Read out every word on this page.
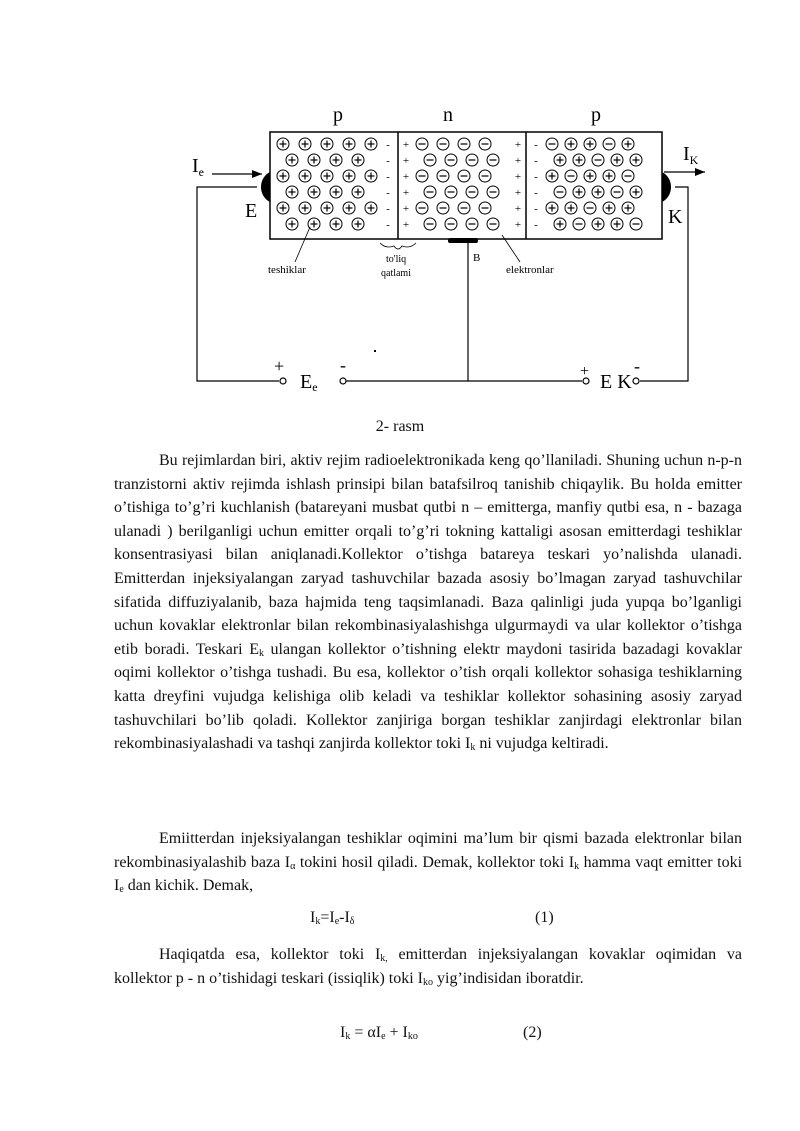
p	n	p
-
-
-
-
-
-
+
+
+
+
+
+
+
+
+
+
+
+
-
-
-
-
-
-
$I_e$
$I_K$
E	K
teshiklar
to'liq
qatlami
B
elektronlar
+
Ee
-	+ E K
-
2- rasm

Bu rejimlardan biri, aktiv rejim radioelektronikada keng qo’llaniladi. Shuning uchun n-p-n tranzistorni aktiv rejimda ishlash prinsipi bilan batafsilroq tanishib chiqaylik. Bu holda emitter o’tishiga to’g’ri kuchlanish (batareyani musbat qutbi n – emitterga, manfiy qutbi esa, n - bazaga ulanadi ) berilganligi uchun emitter orqali to’g’ri tokning kattaligi asosan emitterdagi teshiklar konsentrasiyasi bilan aniqlanadi.Kollektor o’tishga batareya teskari yo’nalishda ulanadi. Emitterdan injeksiyalangan zaryad tashuvchilar bazada asosiy bo’lmagan zaryad tashuvchilar sifatida diffuziyalanib, baza hajmida teng taqsimlanadi. Baza qalinligi juda yupqa bo’lganligi uchun kovaklar elektronlar bilan rekombinasiyalashishga ulgurmaydi va ular kollektor o’tishga etib boradi. Teskari $E_k$ ulangan kollektor o’tishning elektr maydoni tasirida bazadagi kovaklar oqimi kollektor o’tishga tushadi. Bu esa, kollektor o’tish orqali kollektor sohasiga teshiklarning katta dreyfini vujudga kelishiga olib keladi va teshiklar kollektor sohasining asosiy zaryad tashuvchilari bo’lib qoladi. Kollektor zanjiriga borgan teshiklar zanjirdagi elektronlar bilan rekombinasiyalashadi va tashqi zanjirda kollektor toki $I_k$ ni vujudga keltiradi.

Emiitterdan injeksiyalangan teshiklar oqimini ma’lum bir qismi bazada elektronlar bilan rekombinasiyalashib baza $I_\alpha$ tokini hosil qiladi. Demak, kollektor toki $I_k$ hamma vaqt emitter toki $I_e$ dan kichik. Demak,

$I_k=I_e-I_\delta$	(1)

Haqiqatda esa, kollektor toki $I_{k,}$ emitterdan injeksiyalangan kovaklar oqimidan va kollektor p - n o’tishidagi teskari (issiqlik) toki $I_{ko}$ yig’indisidan iboratdir.

$I_k = \alpha I_e + I_{ko}$	(2)
